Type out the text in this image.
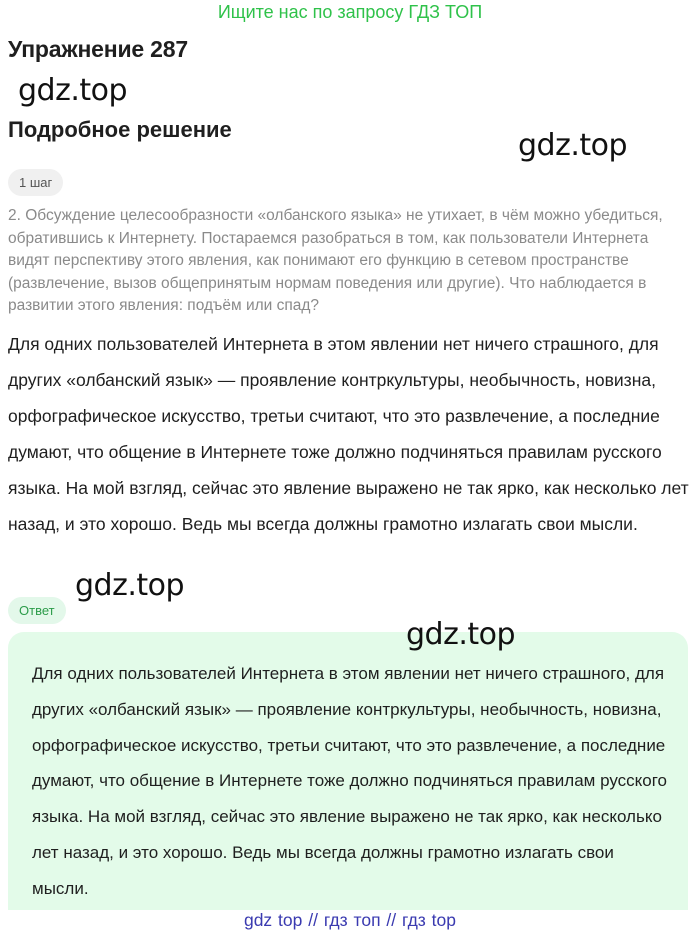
Ищите нас по запросу ГДЗ ТОП
Упражнение 287
gdz.top
Подробное решение	gdz.top
1 шаг
2. Обсуждение целесообразности «олбанского языка» не утихает, в чём можно убедиться, обратившись к Интернету. Постараемся разобраться в том, как пользователи Интернета видят перспективу этого явления, как понимают его функцию в сетевом пространстве (развлечение, вызов общепринятым нормам поведения или другие). Что наблюдается в развитии этого явления: подъём или спад?
Для одних пользователей Интернета в этом явлении нет ничего страшного, для других «олбанский язык» — проявление контркультуры, необычность, новизна, орфографическое искусство, третьи считают, что это развлечение, а последние думают, что общение в Интернете тоже должно подчиняться правилам русского языка. На мой взгляд, сейчас это явление выражено не так ярко, как несколько лет назад, и это хорошо. Ведь мы всегда должны грамотно излагать свои мысли.
gdz.top
Ответ
gdz.top
Для одних пользователей Интернета в этом явлении нет ничего страшного, для других «олбанский язык» — проявление контркультуры, необычность, новизна, орфографическое искусство, третьи считают, что это развлечение, а последние думают, что общение в Интернете тоже должно подчиняться правилам русского языка. На мой взгляд, сейчас это явление выражено не так ярко, как несколько лет назад, и это хорошо. Ведь мы всегда должны грамотно излагать свои мысли.
gdz top // гдз топ // гдз top
